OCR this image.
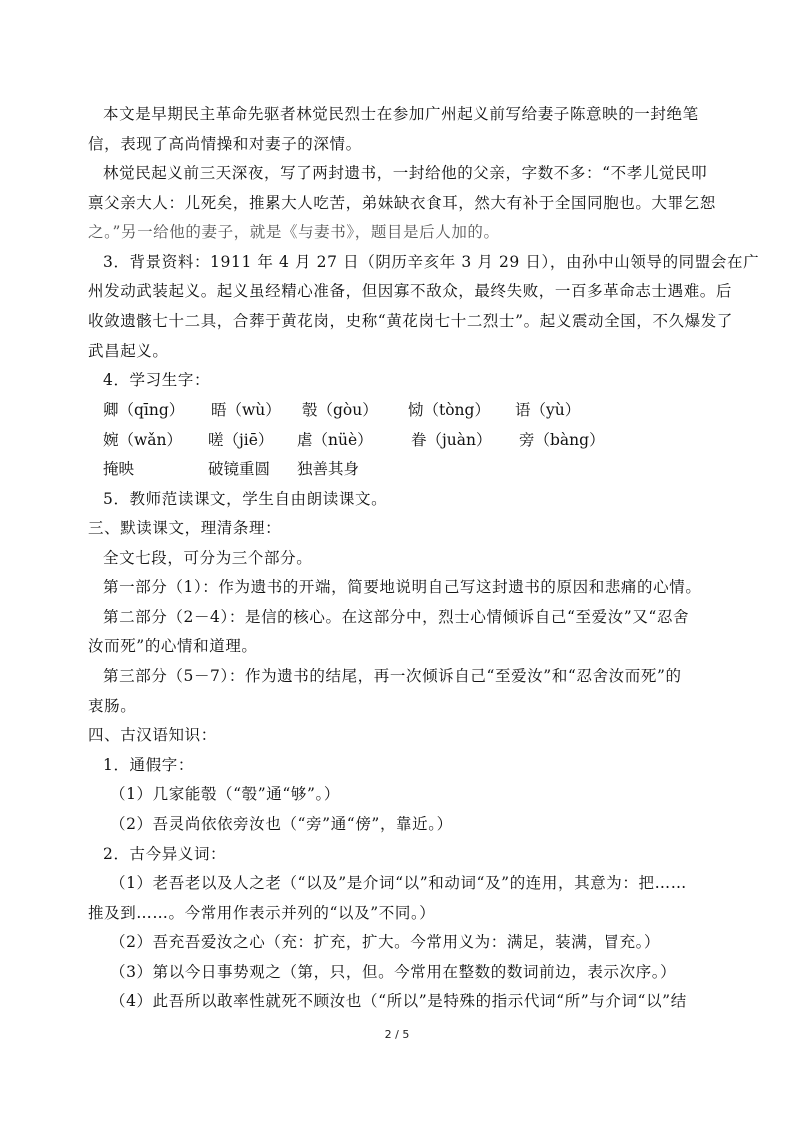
本文是早期民主革命先驱者林觉民烈士在参加广州起义前写给妻子陈意映的一封绝笔
信，表现了高尚情操和对妻子的深情。
林觉民起义前三天深夜，写了两封遗书，一封给他的父亲，字数不多：“不孝儿觉民叩
禀父亲大人：儿死矣，推累大人吃苦，弟妹缺衣食耳，然大有补于全国同胞也。大罪乞恕
之。”另一给他的妻子，就是《与妻书》，题目是后人加的。
3．背景资料：1911 年 4 月 27 日（阴历辛亥年 3 月 29 日），由孙中山领导的同盟会在广
州发动武装起义。起义虽经精心准备，但因寡不敌众，最终失败，一百多革命志士遇难。后
收敛遗骸七十二具，合葬于黄花岗，史称“黄花岗七十二烈士”。起义震动全国，不久爆发了
武昌起义。
4．学习生字：
卿（qīng） 晤（wù） 彀（gòu） 恸（tòng） 语（yù）
婉（wǎn） 嗟（jiē） 虐（nüè） 眷（juàn） 旁（bàng）
掩映	破镜重圆 独善其身
5．教师范读课文，学生自由朗读课文。
三、默读课文，理清条理：
全文七段，可分为三个部分。
第一部分（1）：作为遗书的开端，简要地说明自己写这封遗书的原因和悲痛的心情。
第二部分（2－4）：是信的核心。在这部分中，烈士心情倾诉自己“至爱汝”又“忍舍
汝而死”的心情和道理。
第三部分（5－7）：作为遗书的结尾，再一次倾诉自己“至爱汝”和“忍舍汝而死”的
衷肠。
四、古汉语知识：
1．通假字：
（1）几家能彀（“彀”通“够”。）
（2）吾灵尚依依旁汝也（“旁”通“傍”，靠近。）
2．古今异义词：
（1）老吾老以及人之老（“以及”是介词“以”和动词“及”的连用，其意为：把……
推及到……。今常用作表示并列的“以及”不同。）
（2）吾充吾爱汝之心（充：扩充，扩大。今常用义为：满足，装满，冒充。）
（3）第以今日事势观之（第，只，但。今常用在整数的数词前边，表示次序。）
（4）此吾所以敢率性就死不顾汝也（“所以”是特殊的指示代词“所”与介词“以”结
2 / 5
